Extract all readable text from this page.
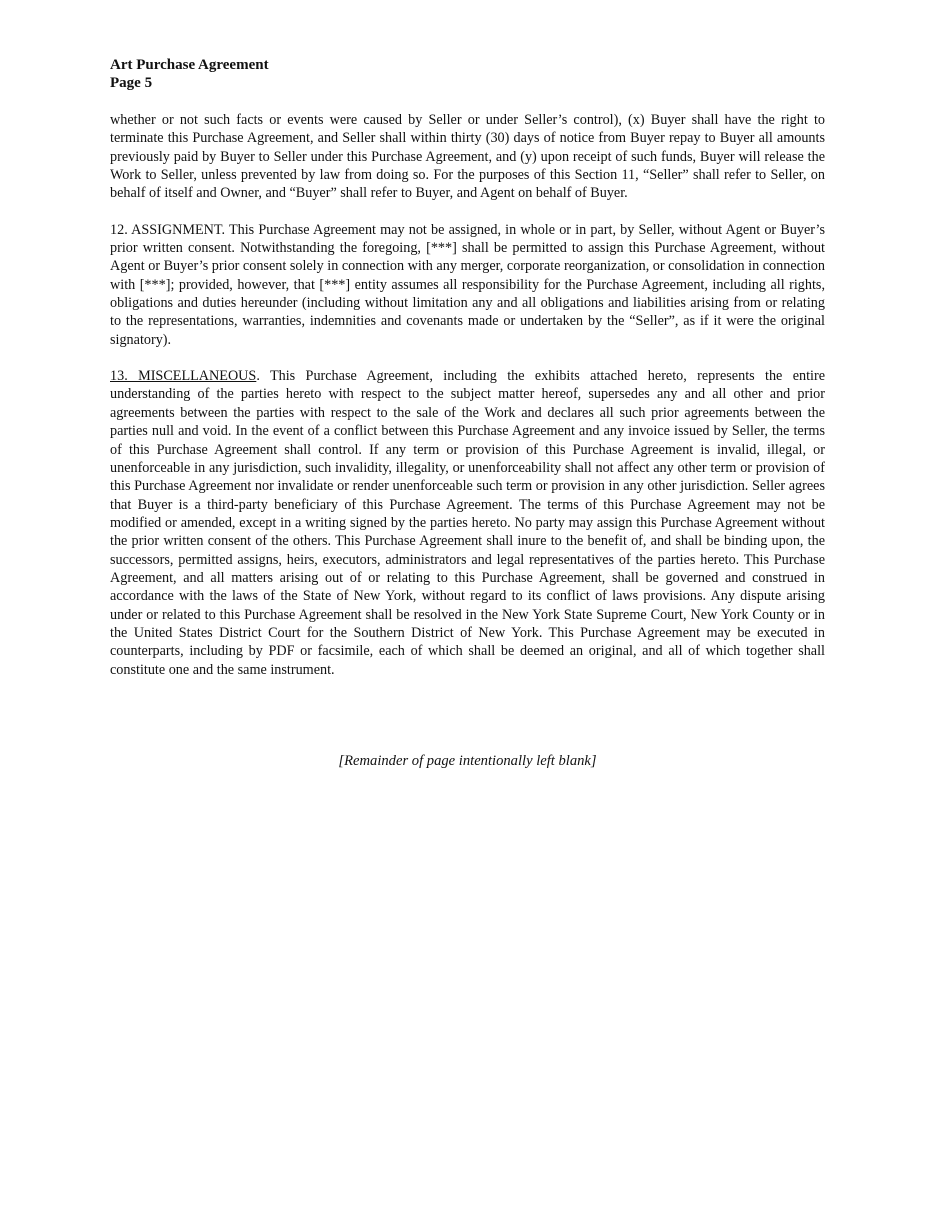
Art Purchase Agreement

Page 5

whether or not such facts or events were caused by Seller or under Seller’s control), (x) Buyer shall have the right to terminate this Purchase Agreement, and Seller shall within thirty (30) days of notice from Buyer repay to Buyer all amounts previously paid by Buyer to Seller under this Purchase Agreement, and (y) upon receipt of such funds, Buyer will release the Work to Seller, unless prevented by law from doing so. For the purposes of this Section 11, “Seller” shall refer to Seller, on behalf of itself and Owner, and “Buyer” shall refer to Buyer, and Agent on behalf of Buyer.

12. ASSIGNMENT. This Purchase Agreement may not be assigned, in whole or in part, by Seller, without Agent or Buyer’s prior written consent. Notwithstanding the foregoing, [***] shall be permitted to assign this Purchase Agreement, without Agent or Buyer’s prior consent solely in connection with any merger, corporate reorganization, or consolidation in connection with [***]; provided, however, that [***] entity assumes all responsibility for the Purchase Agreement, including all rights, obligations and duties hereunder (including without limitation any and all obligations and liabilities arising from or relating to the representations, warranties, indemnities and covenants made or undertaken by the “Seller”, as if it were the original signatory).

13. MISCELLANEOUS. This Purchase Agreement, including the exhibits attached hereto, represents the entire understanding of the parties hereto with respect to the subject matter hereof, supersedes any and all other and prior agreements between the parties with respect to the sale of the Work and declares all such prior agreements between the parties null and void. In the event of a conflict between this Purchase Agreement and any invoice issued by Seller, the terms of this Purchase Agreement shall control. If any term or provision of this Purchase Agreement is invalid, illegal, or unenforceable in any jurisdiction, such invalidity, illegality, or unenforceability shall not affect any other term or provision of this Purchase Agreement nor invalidate or render unenforceable such term or provision in any other jurisdiction. Seller agrees that Buyer is a third-party beneficiary of this Purchase Agreement. The terms of this Purchase Agreement may not be modified or amended, except in a writing signed by the parties hereto. No party may assign this Purchase Agreement without the prior written consent of the others. This Purchase Agreement shall inure to the benefit of, and shall be binding upon, the successors, permitted assigns, heirs, executors, administrators and legal representatives of the parties hereto. This Purchase Agreement, and all matters arising out of or relating to this Purchase Agreement, shall be governed and construed in accordance with the laws of the State of New York, without regard to its conflict of laws provisions. Any dispute arising under or related to this Purchase Agreement shall be resolved in the New York State Supreme Court, New York County or in the United States District Court for the Southern District of New York. This Purchase Agreement may be executed in counterparts, including by PDF or facsimile, each of which shall be deemed an original, and all of which together shall constitute one and the same instrument.

[Remainder of page intentionally left blank]
